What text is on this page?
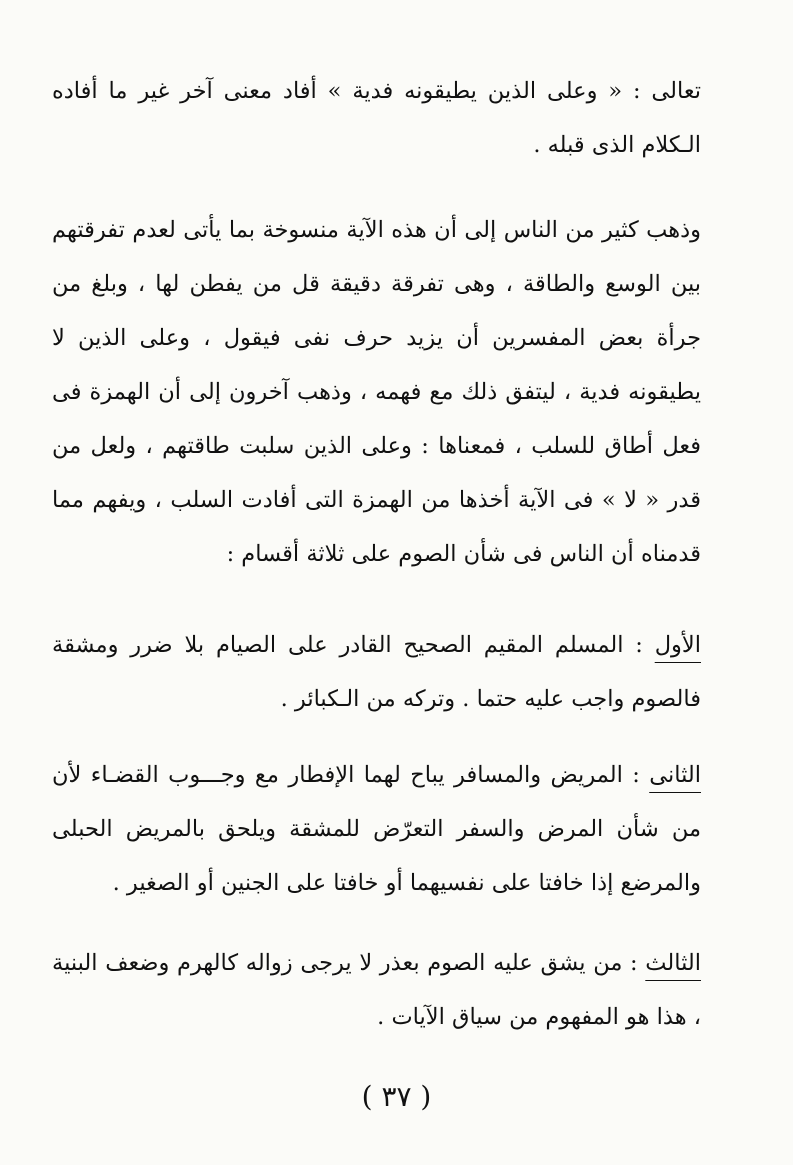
تعالى : « وعلى الذين يطيقونه فدية » أفاد معنى آخر غير ما أفاده الـكلام الذى قبله .

وذهب كثير من الناس إلى أن هذه الآية منسوخة بما يأتى لعدم تفرقتهم بين الوسع والطاقة ، وهى تفرقة دقيقة قل من يفطن لها ، وبلغ من جرأة بعض المفسرين أن يزيد حرف نفى فيقول ، وعلى الذين لا يطيقونه فدية ، ليتفق ذلك مع فهمه ، وذهب آخرون إلى أن الهمزة فى فعل أطاق للسلب ، فمعناها : وعلى الذين سلبت طاقتهم ، ولعل من قدر « لا » فى الآية أخذها من الهمزة التى أفادت السلب ، ويفهم مما قدمناه أن الناس فى شأن الصوم على ثلاثة أقسام :

الأول : المسلم المقيم الصحيح القادر على الصيام بلا ضرر ومشقة فالصوم واجب عليه حتما . وتركه من الـكبائر .

الثانى : المريض والمسافر يباح لهما الإفطار مع وجـــوب القضـاء لأن من شأن المرض والسفر التعرّض للمشقة ويلحق بالمريض الحبلى والمرضع إذا خافتا على نفسيهما أو خافتا على الجنين أو الصغير .

الثالث : من يشق عليه الصوم بعذر لا يرجى زواله كالهرم وضعف البنية ، هذا هو المفهوم من سياق الآيات .

( ٣٧ )
